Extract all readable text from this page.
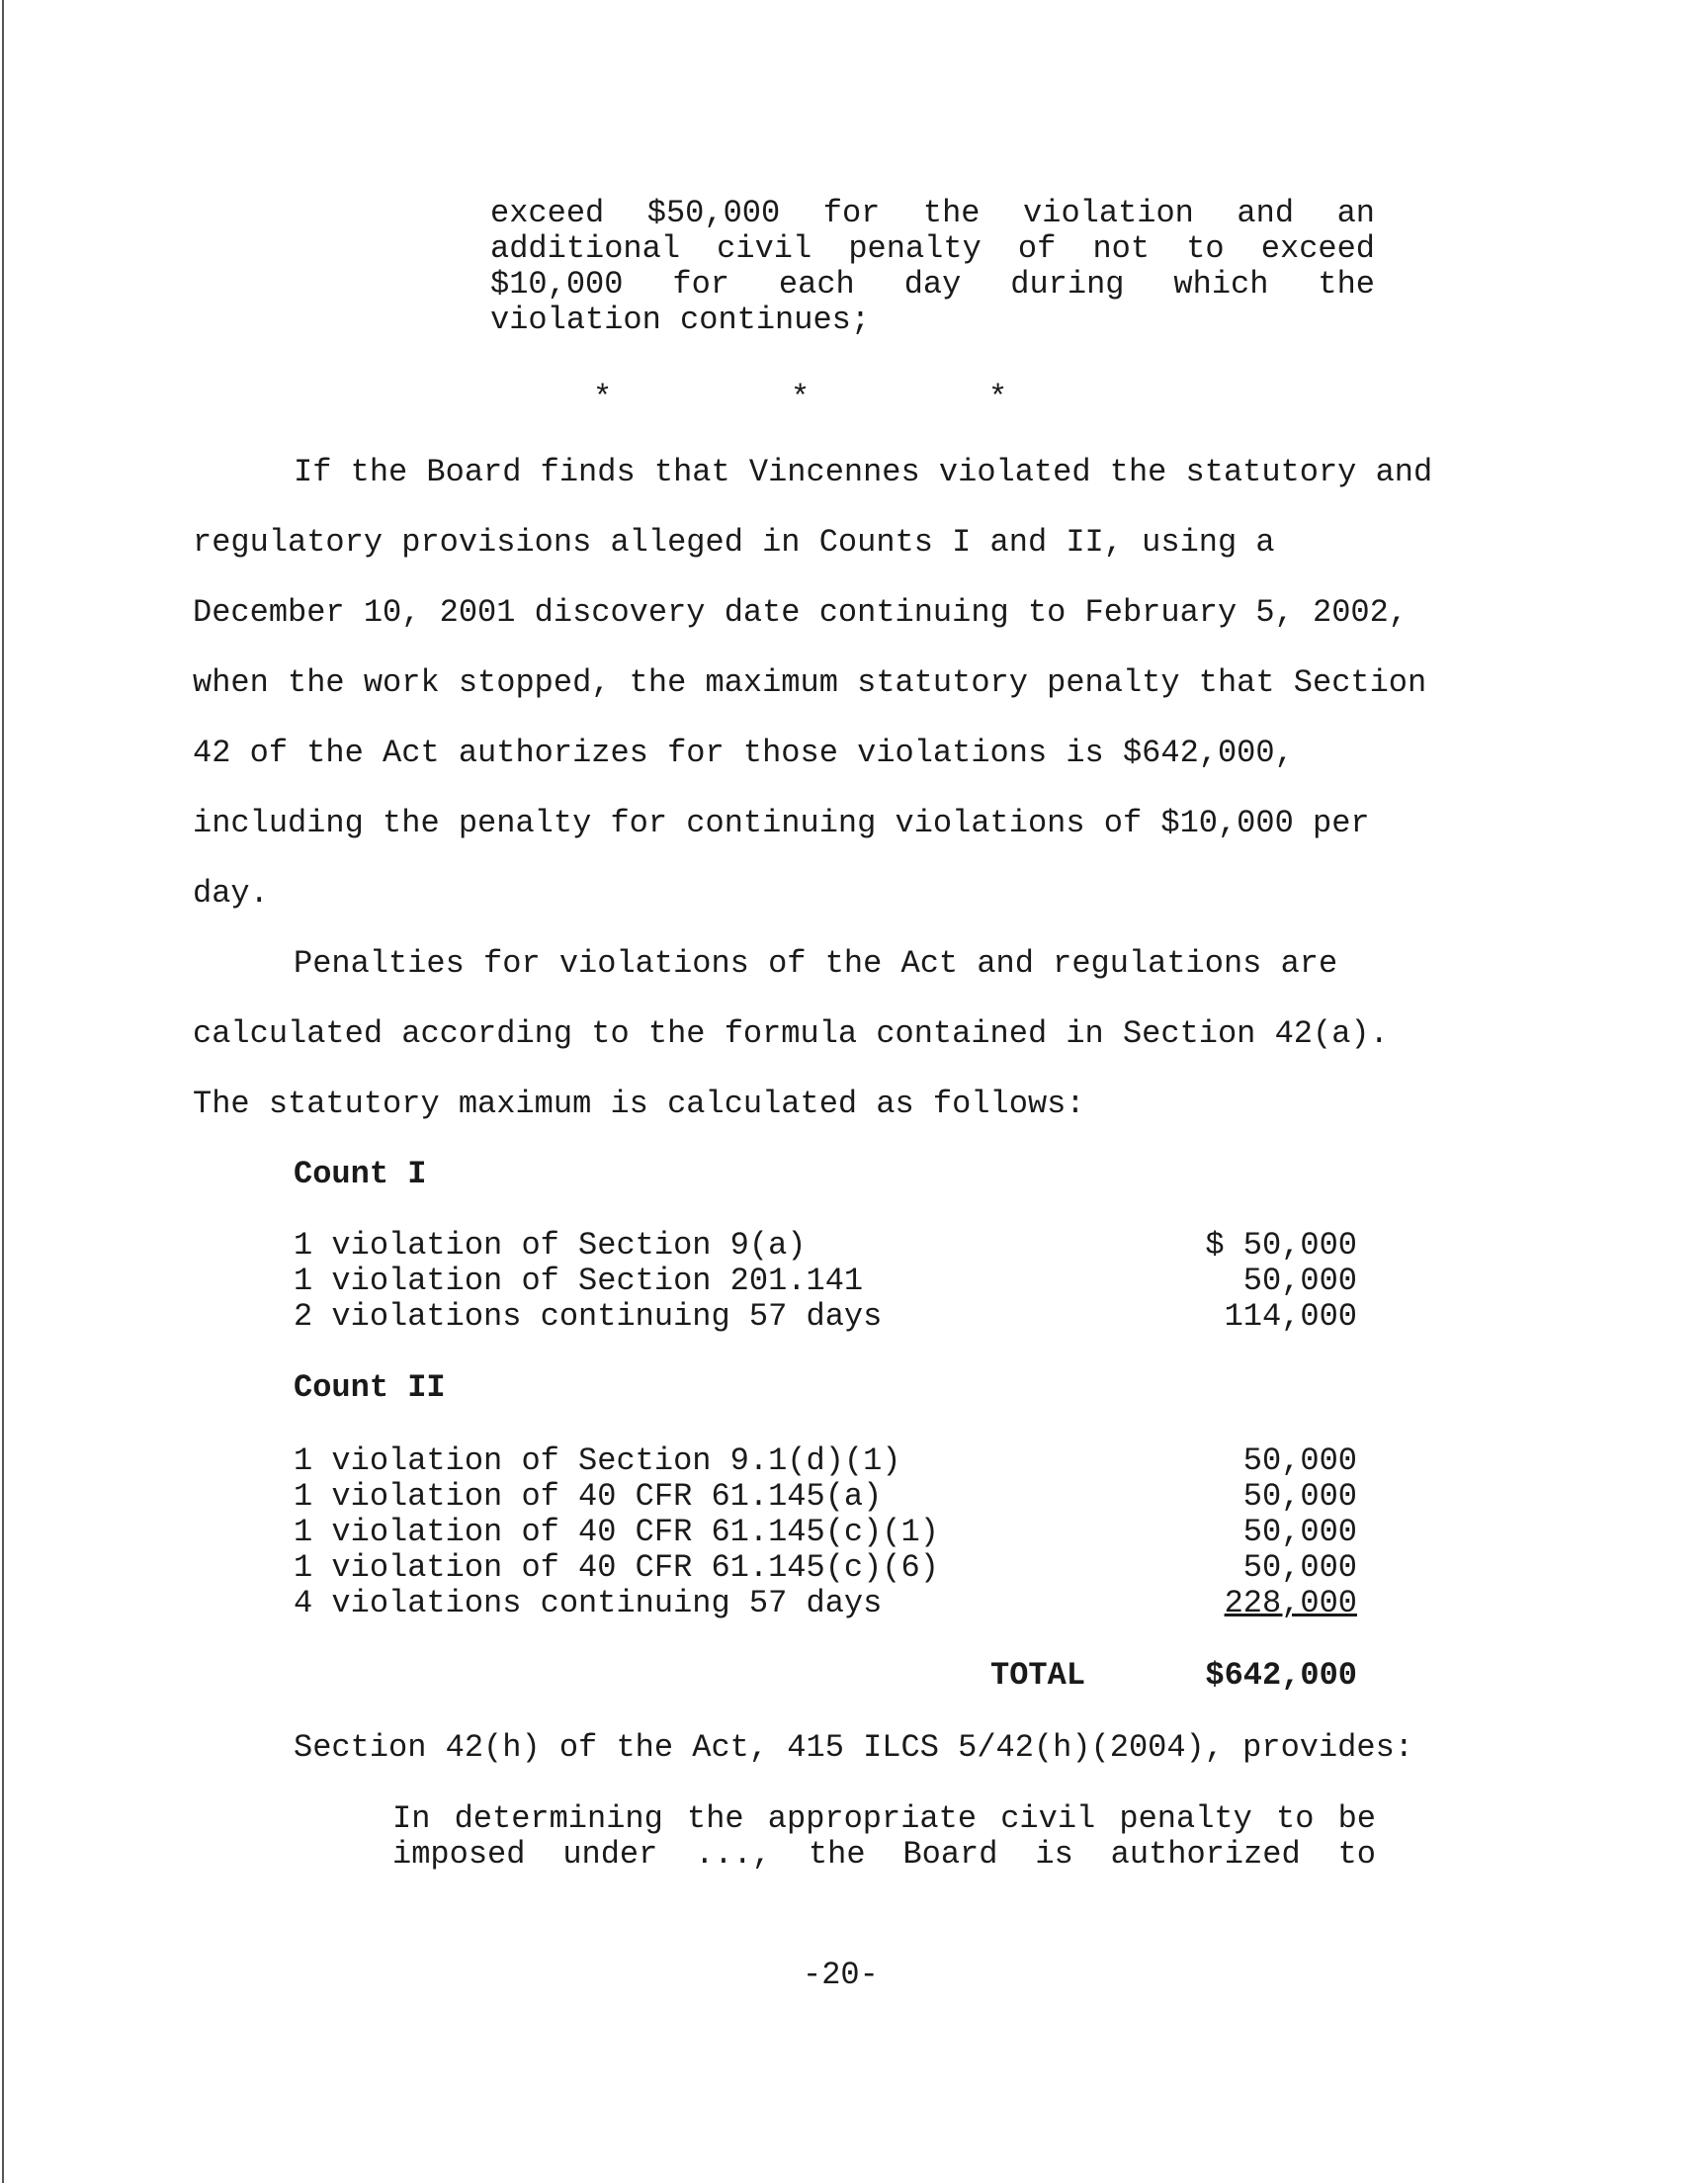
exceed $50,000 for the violation and an
additional civil penalty of not to exceed
$10,000 for each day during which the
violation continues;
*	*	*
If the Board finds that Vincennes violated the statutory and
regulatory provisions alleged in Counts I and II, using a
December 10, 2001 discovery date continuing to February 5, 2002,
when the work stopped, the maximum statutory penalty that Section
42 of the Act authorizes for those violations is $642,000,
including the penalty for continuing violations of $10,000 per
day.
Penalties for violations of the Act and regulations are
calculated according to the formula contained in Section 42(a).
The statutory maximum is calculated as follows:
Count I
1 violation of Section 9(a)	$ 50,000
1 violation of Section 201.141	50,000
2 violations continuing 57 days	114,000
Count II
1 violation of Section 9.1(d)(1)	50,000
1 violation of 40 CFR 61.145(a)	50,000
1 violation of 40 CFR 61.145(c)(1)	50,000
1 violation of 40 CFR 61.145(c)(6)	50,000
4 violations continuing 57 days	228,000
TOTAL	$642,000
Section 42(h) of the Act, 415 ILCS 5/42(h)(2004), provides:
In determining the appropriate civil penalty to be
imposed under ..., the Board is authorized to
-20-
